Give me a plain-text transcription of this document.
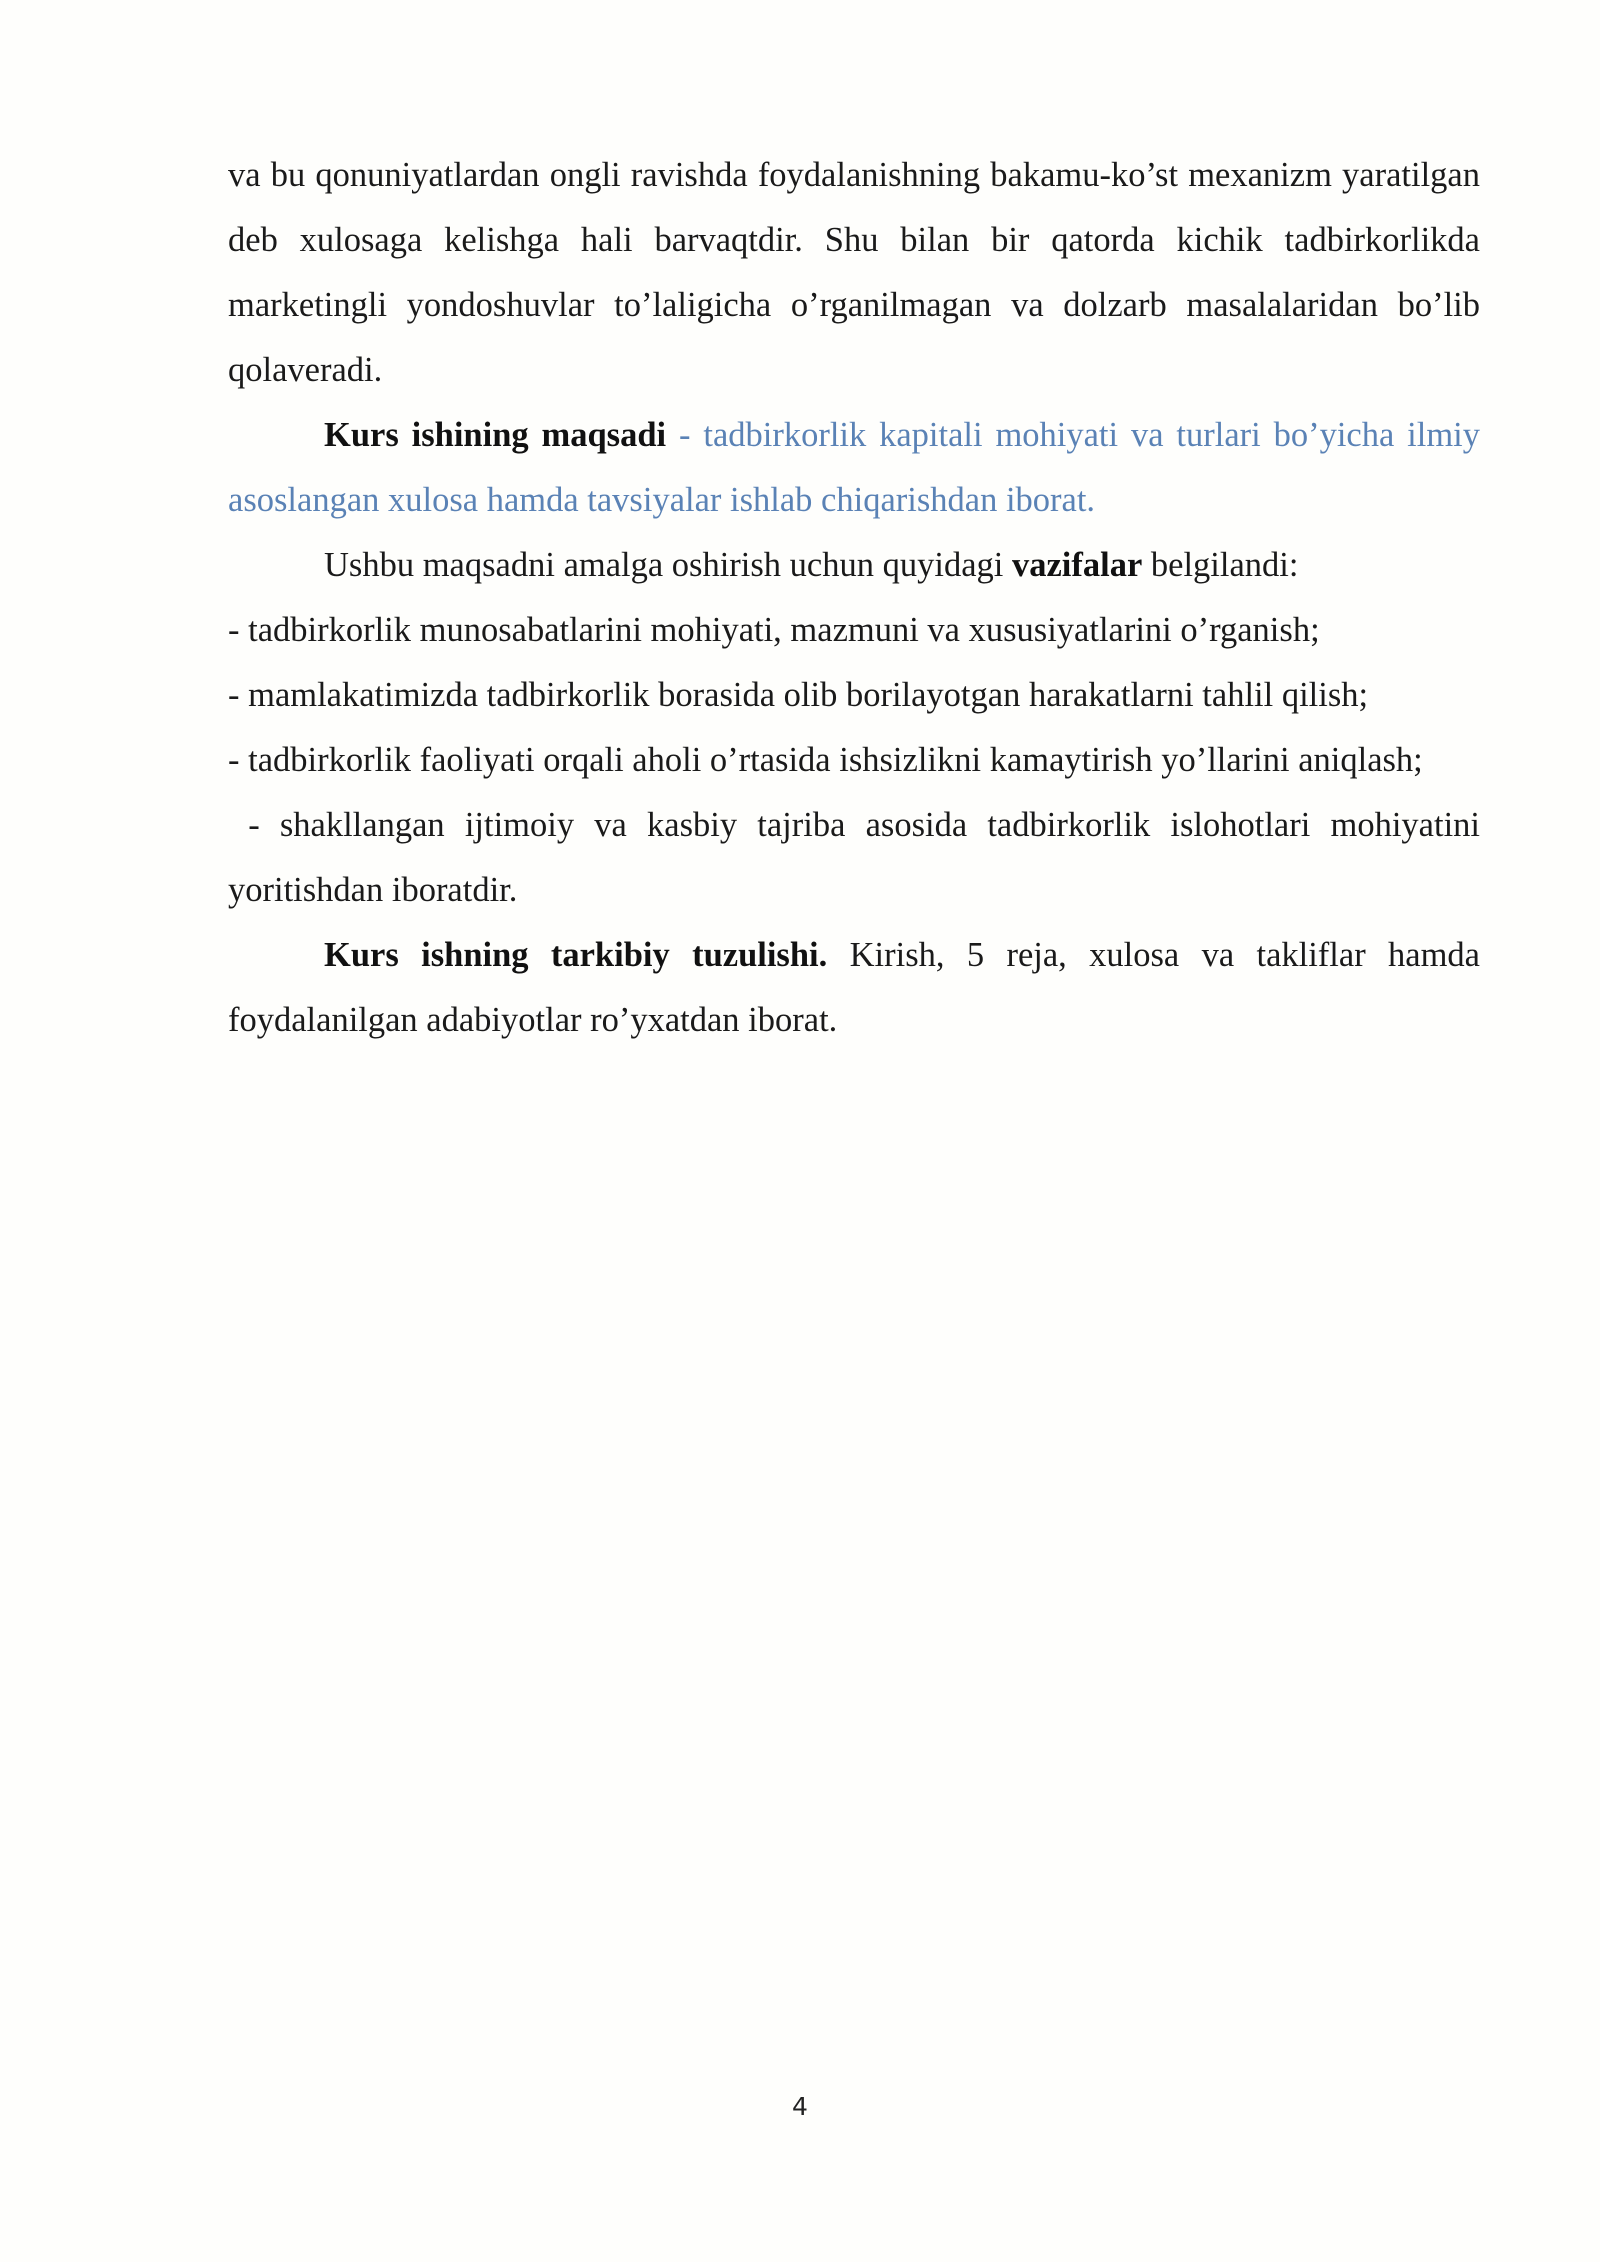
va bu qonuniyatlardan ongli ravishda foydalanishning bakamu-ko’st mexanizm yaratilgan deb xulosaga kelishga hali barvaqtdir. Shu bilan bir qatorda kichik tadbirkorlikda marketingli yondoshuvlar to’laligicha o’rganilmagan va dolzarb masalalaridan bo’lib qolaveradi.

Kurs ishining maqsadi - tadbirkorlik kapitali mohiyati va turlari bo’yicha ilmiy asoslangan xulosa hamda tavsiyalar ishlab chiqarishdan iborat.

Ushbu maqsadni amalga oshirish uchun quyidagi vazifalar belgilandi:

- tadbirkorlik munosabatlarini mohiyati, mazmuni va xususiyatlarini o’rganish;

- mamlakatimizda tadbirkorlik borasida olib borilayotgan harakatlarni tahlil qilish;

- tadbirkorlik faoliyati orqali aholi o’rtasida ishsizlikni kamaytirish yo’llarini aniqlash;

- shakllangan ijtimoiy va kasbiy tajriba asosida tadbirkorlik islohotlari mohiyatini yoritishdan iboratdir.

Kurs ishning tarkibiy tuzulishi. Kirish, 5 reja, xulosa va takliflar hamda foydalanilgan adabiyotlar ro’yxatdan iborat.

4
